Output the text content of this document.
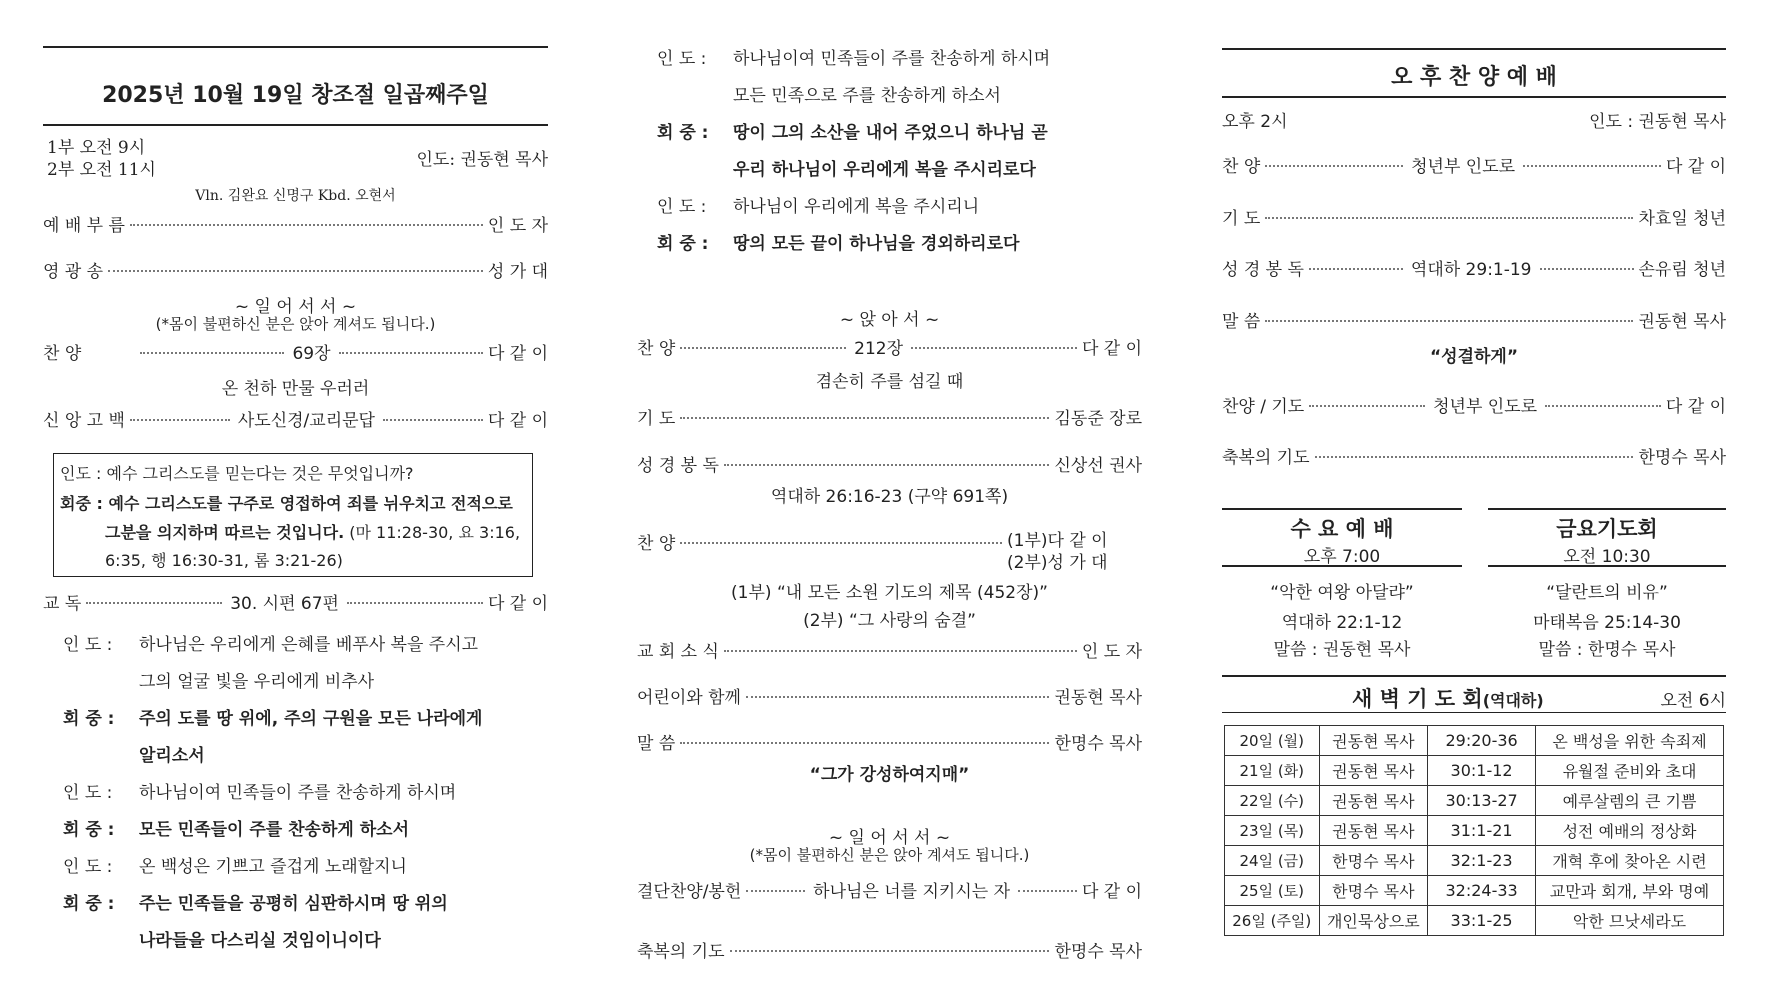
2025년 10월 19일 창조절 일곱째주일
1부 오전 9시
2부 오전 11시	인도: 권동현 목사
Vln. 김완요 신명구 Kbd. 오현서
예 배 부 름	인 도 자
영 광 송	성 가 대
~ 일 어 서 서 ~
(*몸이 불편하신 분은 앉아 계셔도 됩니다.)
찬 양	69장	다 같 이
온 천하 만물 우러러
신 앙 고 백	사도신경/교리문답	다 같 이
인도 : 예수 그리스도를 믿는다는 것은 무엇입니까?
회중 : 예수 그리스도를 구주로 영접하여 죄를 뉘우치고 전적으로
그분을 의지하며 따르는 것입니다. (마 11:28-30, 요 3:16,
6:35, 행 16:30-31, 롬 3:21-26)
교 독	30. 시편 67편	다 같 이
인 도 : 하나님은 우리에게 은혜를 베푸사 복을 주시고
그의 얼굴 빛을 우리에게 비추사
회 중 : 주의 도를 땅 위에, 주의 구원을 모든 나라에게
알리소서
인 도 : 하나님이여 민족들이 주를 찬송하게 하시며
회 중 : 모든 민족들이 주를 찬송하게 하소서
인 도 : 온 백성은 기쁘고 즐겁게 노래할지니
회 중 : 주는 민족들을 공평히 심판하시며 땅 위의
나라들을 다스리실 것임이니이다
인 도 : 하나님이여 민족들이 주를 찬송하게 하시며
모든 민족으로 주를 찬송하게 하소서
회 중 : 땅이 그의 소산을 내어 주었으니 하나님 곧
우리 하나님이 우리에게 복을 주시리로다
인 도 : 하나님이 우리에게 복을 주시리니
회 중 : 땅의 모든 끝이 하나님을 경외하리로다
~ 앉 아 서 ~
찬 양	212장	다 같 이
겸손히 주를 섬길 때
기 도	김동준 장로
성 경 봉 독	신상선 권사
역대하 26:16-23 (구약 691쪽)
찬 양	(1부)다 같 이
(2부)성 가 대
(1부) “내 모든 소원 기도의 제목 (452장)”
(2부) “그 사랑의 숨결”
교 회 소 식	인 도 자
어린이와 함께	권동현 목사
말 씀	한명수 목사
“그가 강성하여지매”
~ 일 어 서 서 ~
(*몸이 불편하신 분은 앉아 계셔도 됩니다.)
결단찬양/봉헌	하나님은 너를 지키시는 자	다 같 이
축복의 기도	한명수 목사
오 후 찬 양 예 배
오후 2시	인도 : 권동현 목사
찬 양	청년부 인도로	다 같 이
기 도	차효일 청년
성 경 봉 독	역대하 29:1-19	손유림 청년
말 씀	권동현 목사
“성결하게”
찬양 / 기도	청년부 인도로	다 같 이
축복의 기도	한명수 목사
수 요 예 배
오후 7:00
“악한 여왕 아달랴”
역대하 22:1-12
말씀 : 권동현 목사
금요기도회
오전 10:30
“달란트의 비유”
마태복음 25:14-30
말씀 : 한명수 목사
새 벽 기 도 회(역대하)	오전 6시
20일 (월)	권동현 목사	29:20-36	온 백성을 위한 속죄제
21일 (화)	권동현 목사	30:1-12	유월절 준비와 초대
22일 (수)	권동현 목사	30:13-27	예루살렘의 큰 기쁨
23일 (목)	권동현 목사	31:1-21	성전 예배의 정상화
24일 (금)	한명수 목사	32:1-23	개혁 후에 찾아온 시련
25일 (토)	한명수 목사	32:24-33	교만과 회개, 부와 명예
26일 (주일)	개인묵상으로	33:1-25	악한 므낫세라도
